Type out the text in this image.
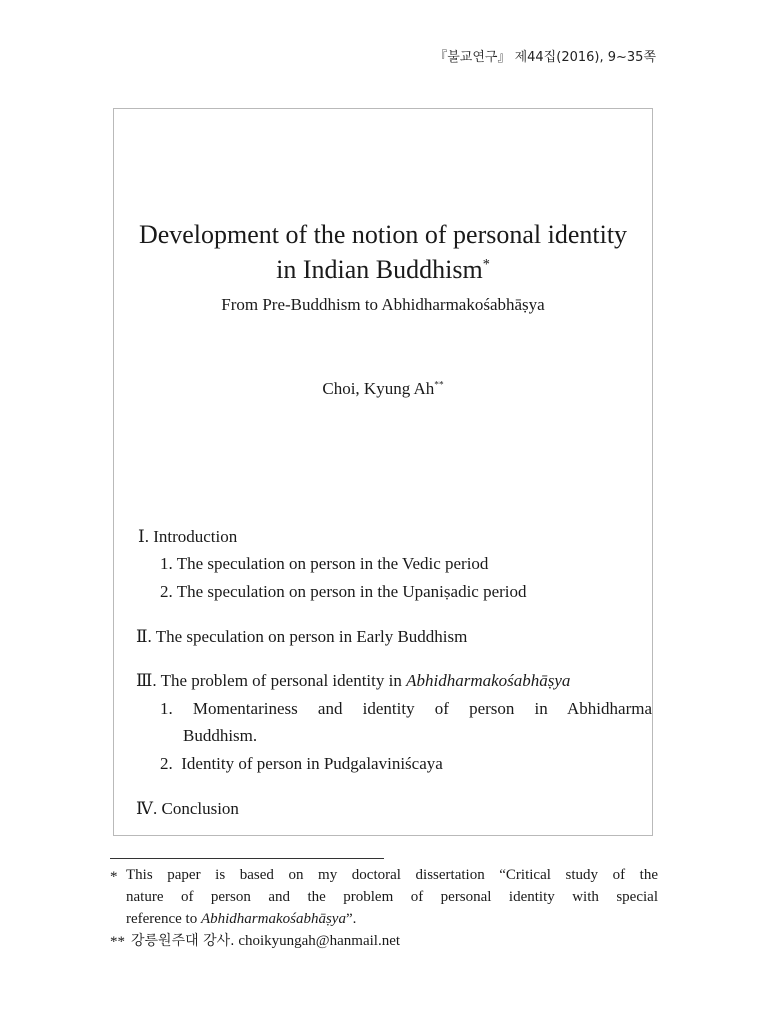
『불교연구』 제44집(2016), 9~35쪽
Development of the notion of personal identity
in Indian Buddhism*
From Pre-Buddhism to Abhidharmakośabhāṣya
Choi, Kyung Ah**
Ⅰ. Introduction
1. The speculation on person in the Vedic period
2. The speculation on person in the Upaniṣadic period
Ⅱ. The speculation on person in Early Buddhism
Ⅲ. The problem of personal identity in Abhidharmakośabhāṣya
1. Momentariness and identity of person in Abhidharma
Buddhism.
2.  Identity of person in Pudgalaviniścaya
Ⅳ. Conclusion
* This paper is based on my doctoral dissertation “Critical study of the
nature of person and the problem of personal identity with special
reference to Abhidharmakośabhāṣya”.
** 강릉원주대 강사. choikyungah@hanmail.net
